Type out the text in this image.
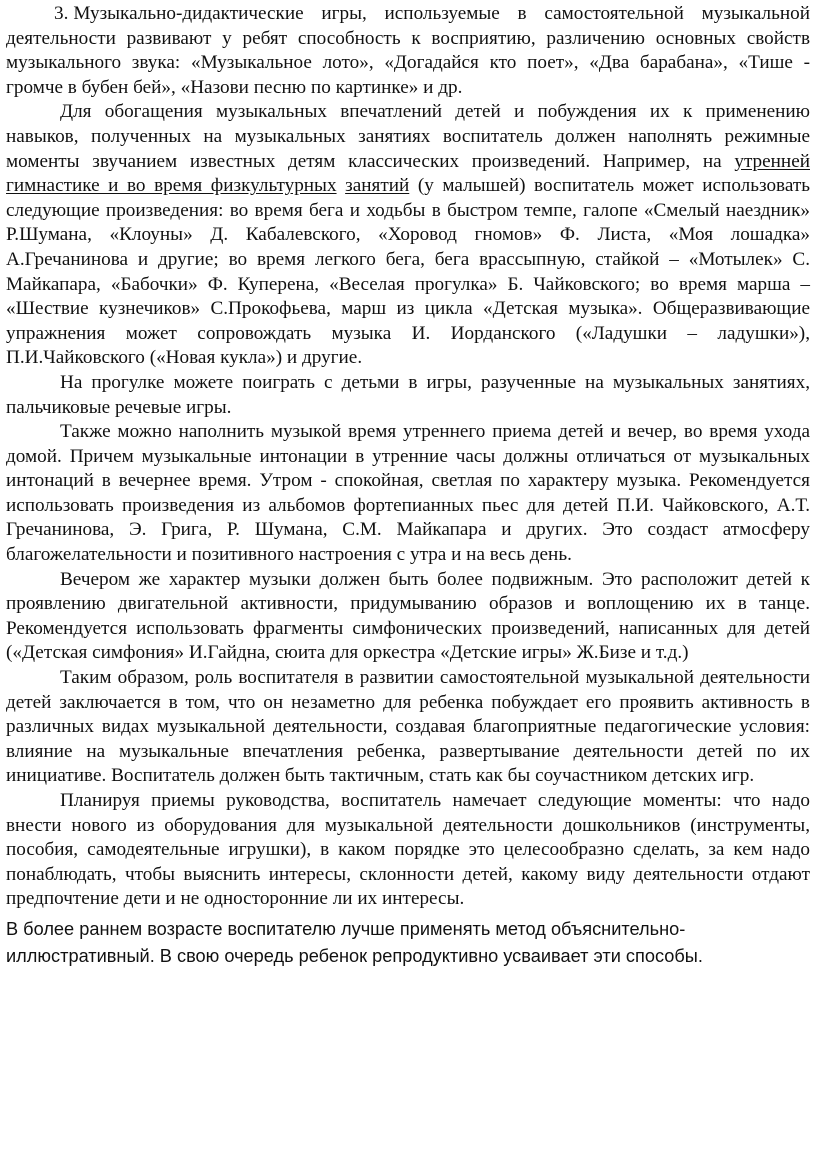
3. Музыкально-дидактические игры, используемые в самостоятельной музыкальной деятельности развивают у ребят способность к восприятию, различению основных свойств музыкального звука: «Музыкальное лото», «Догадайся кто поет», «Два барабана», «Тише - громче в бубен бей», «Назови песню по картинке» и др.

Для обогащения музыкальных впечатлений детей и побуждения их к применению навыков, полученных на музыкальных занятиях воспитатель должен наполнять режимные моменты звучанием известных детям классических произведений. Например, на утренней гимнастике и во время физкультурных занятий (у малышей) воспитатель может использовать следующие произведения: во время бега и ходьбы в быстром темпе, галопе «Смелый наездник» Р.Шумана, «Клоуны» Д. Кабалевского, «Хоровод гномов» Ф. Листа, «Моя лошадка» А.Гречанинова и другие; во время легкого бега, бега врассыпную, стайкой – «Мотылек» С. Майкапара, «Бабочки» Ф. Куперена, «Веселая прогулка» Б. Чайковского; во время марша – «Шествие кузнечиков» С.Прокофьева, марш из цикла «Детская музыка». Общеразвивающие упражнения может сопровождать музыка И. Иорданского («Ладушки – ладушки»), П.И.Чайковского («Новая кукла») и другие.

На прогулке можете поиграть с детьми в игры, разученные на музыкальных занятиях, пальчиковые речевые игры.

Также можно наполнить музыкой время утреннего приема детей и вечер, во время ухода домой. Причем музыкальные интонации в утренние часы должны отличаться от музыкальных интонаций в вечернее время. Утром - спокойная, светлая по характеру музыка. Рекомендуется использовать произведения из альбомов фортепианных пьес для детей П.И. Чайковского, А.Т. Гречанинова, Э. Грига, Р. Шумана, С.М. Майкапара и других. Это создаст атмосферу благожелательности и позитивного настроения с утра и на весь день.

Вечером же характер музыки должен быть более подвижным. Это расположит детей к проявлению двигательной активности, придумыванию образов и воплощению их в танце. Рекомендуется использовать фрагменты симфонических произведений, написанных для детей («Детская симфония» И.Гайдна, сюита для оркестра «Детские игры» Ж.Бизе и т.д.)

Таким образом, роль воспитателя в развитии самостоятельной музыкальной деятельности детей заключается в том, что он незаметно для ребенка побуждает его проявить активность в различных видах музыкальной деятельности, создавая благоприятные педагогические условия: влияние на музыкальные впечатления ребенка, развертывание деятельности детей по их инициативе. Воспитатель должен быть тактичным, стать как бы соучастником детских игр.

Планируя приемы руководства, воспитатель намечает следующие моменты: что надо внести нового из оборудования для музыкальной деятельности дошкольников (инструменты, пособия, самодеятельные игрушки), в каком порядке это целесообразно сделать, за кем надо понаблюдать, чтобы выяснить интересы, склонности детей, какому виду деятельности отдают предпочтение дети и не односторонние ли их интересы.

В более раннем возрасте воспитателю лучше применять метод объяснительно-иллюстративный. В свою очередь ребенок репродуктивно усваивает эти способы.
